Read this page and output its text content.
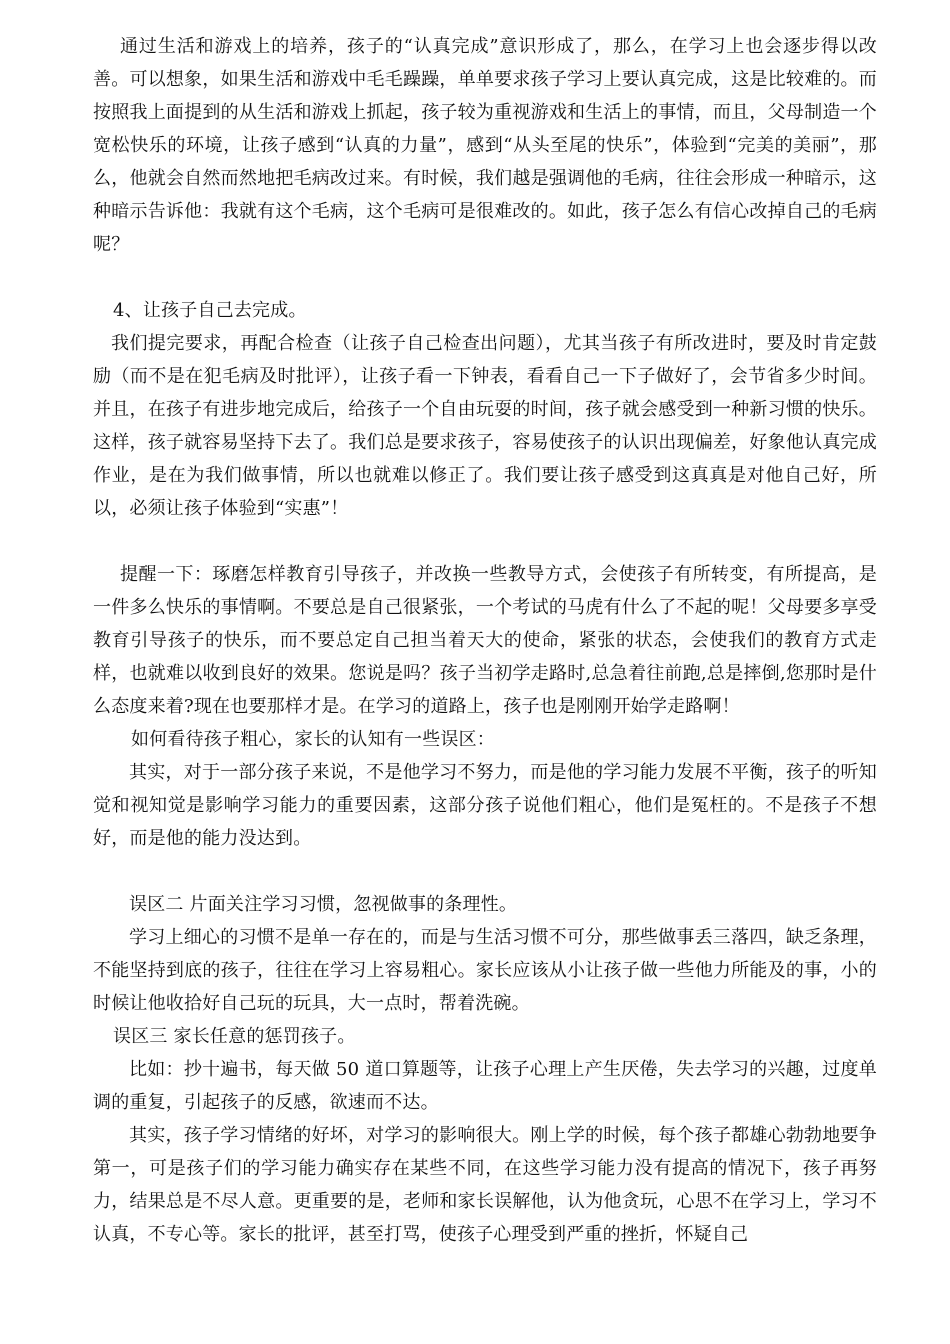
通过生活和游戏上的培养，孩子的“认真完成”意识形成了，那么，在学习上也会逐步得以改善。可以想象，如果生活和游戏中毛毛躁躁，单单要求孩子学习上要认真完成，这是比较难的。而按照我上面提到的从生活和游戏上抓起，孩子较为重视游戏和生活上的事情，而且，父母制造一个宽松快乐的环境，让孩子感到“认真的力量”，感到“从头至尾的快乐”，体验到“完美的美丽”，那么，他就会自然而然地把毛病改过来。有时候，我们越是强调他的毛病，往往会形成一种暗示，这种暗示告诉他：我就有这个毛病，这个毛病可是很难改的。如此，孩子怎么有信心改掉自己的毛病呢？

4、让孩子自己去完成。

我们提完要求，再配合检查（让孩子自己检查出问题），尤其当孩子有所改进时，要及时肯定鼓励（而不是在犯毛病及时批评），让孩子看一下钟表，看看自己一下子做好了，会节省多少时间。并且，在孩子有进步地完成后，给孩子一个自由玩耍的时间，孩子就会感受到一种新习惯的快乐。这样，孩子就容易坚持下去了。我们总是要求孩子，容易使孩子的认识出现偏差，好象他认真完成作业，是在为我们做事情，所以也就难以修正了。我们要让孩子感受到这真真是对他自己好，所以，必须让孩子体验到“实惠”！

提醒一下：琢磨怎样教育引导孩子，并改换一些教导方式，会使孩子有所转变，有所提高，是一件多么快乐的事情啊。不要总是自己很紧张，一个考试的马虎有什么了不起的呢！父母要多享受教育引导孩子的快乐，而不要总定自己担当着天大的使命，紧张的状态，会使我们的教育方式走样，也就难以收到良好的效果。您说是吗？孩子当初学走路时,总急着往前跑,总是摔倒,您那时是什么态度来着?现在也要那样才是。在学习的道路上，孩子也是刚刚开始学走路啊！

如何看待孩子粗心，家长的认知有一些误区：

其实，对于一部分孩子来说，不是他学习不努力，而是他的学习能力发展不平衡，孩子的听知觉和视知觉是影响学习能力的重要因素，这部分孩子说他们粗心，他们是冤枉的。不是孩子不想好，而是他的能力没达到。

误区二 片面关注学习习惯，忽视做事的条理性。

学习上细心的习惯不是单一存在的，而是与生活习惯不可分，那些做事丢三落四，缺乏条理，不能坚持到底的孩子，往往在学习上容易粗心。家长应该从小让孩子做一些他力所能及的事，小的时候让他收拾好自己玩的玩具，大一点时，帮着洗碗。

误区三 家长任意的惩罚孩子。

比如：抄十遍书，每天做 50 道口算题等，让孩子心理上产生厌倦，失去学习的兴趣，过度单调的重复，引起孩子的反感，欲速而不达。

其实，孩子学习情绪的好坏，对学习的影响很大。刚上学的时候，每个孩子都雄心勃勃地要争第一，可是孩子们的学习能力确实存在某些不同，在这些学习能力没有提高的情况下，孩子再努力，结果总是不尽人意。更重要的是，老师和家长误解他，认为他贪玩，心思不在学习上，学习不认真，不专心等。家长的批评，甚至打骂，使孩子心理受到严重的挫折，怀疑自己
